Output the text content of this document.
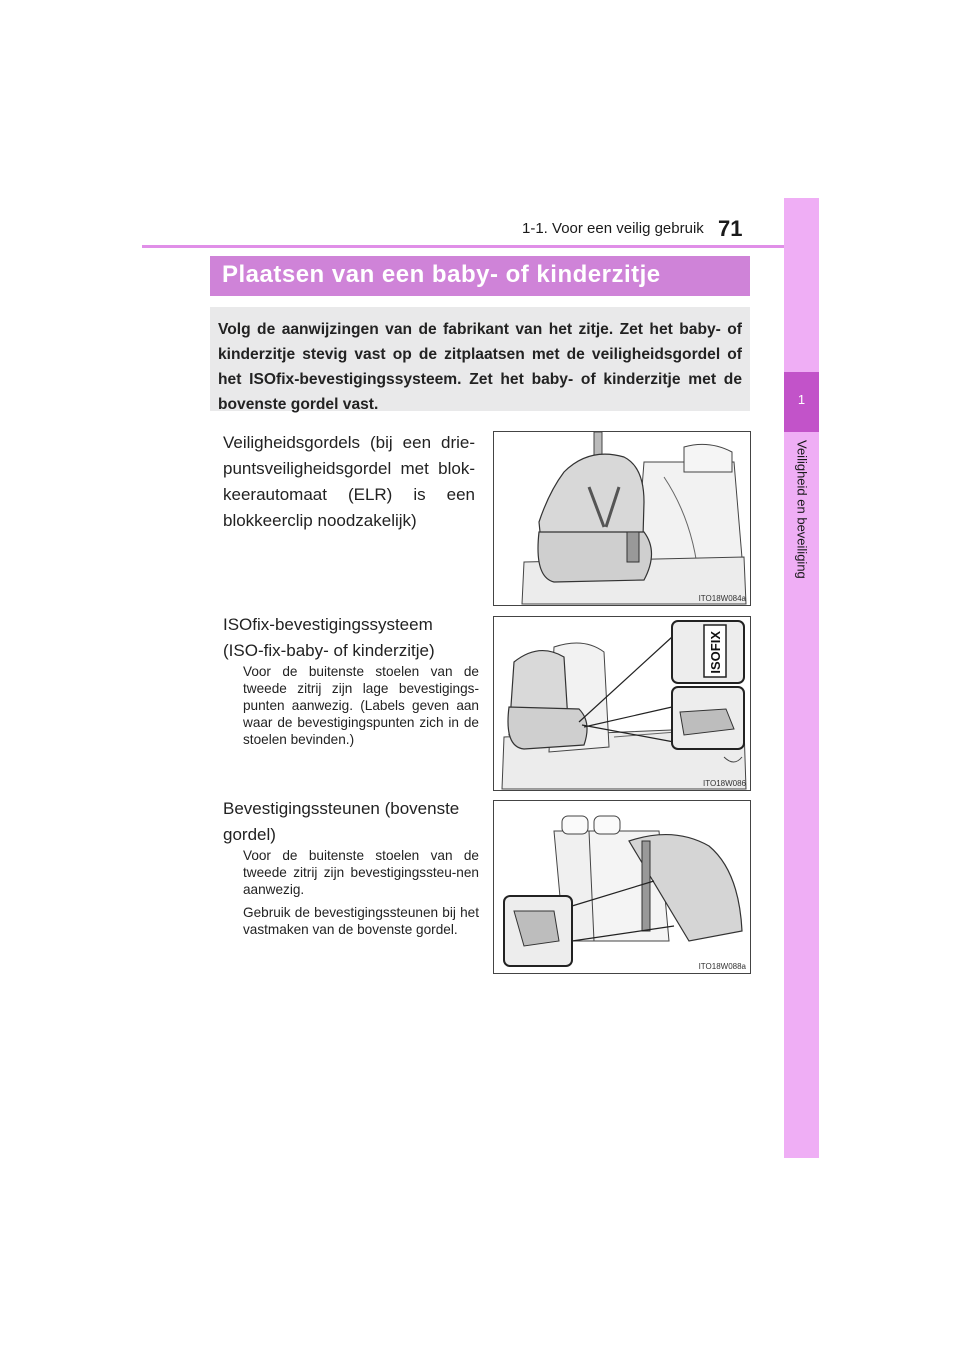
1-1. Voor een veilig gebruik 71
1
Veiligheid en beveiliging
Plaatsen van een baby- of kinderzitje
Volg de aanwijzingen van de fabrikant van het zitje. Zet het baby- of kinderzitje stevig vast op de zitplaatsen met de veiligheidsgordel of het ISOfix-bevestigingssysteem. Zet het baby- of kinderzitje met de bovenste gordel vast.
Veiligheidsgordels (bij een drie-puntsveiligheidsgordel met blok-keerautomaat (ELR) is een blokkeerclip noodzakelijk)
ITO18W084a
ISOfix-bevestigingssysteem (ISO-fix-baby- of kinderzitje)
Voor de buitenste stoelen van de tweede zitrij zijn lage bevestigings-punten aanwezig. (Labels geven aan waar de bevestigingspunten zich in de stoelen bevinden.)
ISOFIX
ITO18W086
Bevestigingssteunen (bovenste gordel)
Voor de buitenste stoelen van de tweede zitrij zijn bevestigingssteu-nen aanwezig.
Gebruik de bevestigingssteunen bij het vastmaken van de bovenste gordel.
ITO18W088a
